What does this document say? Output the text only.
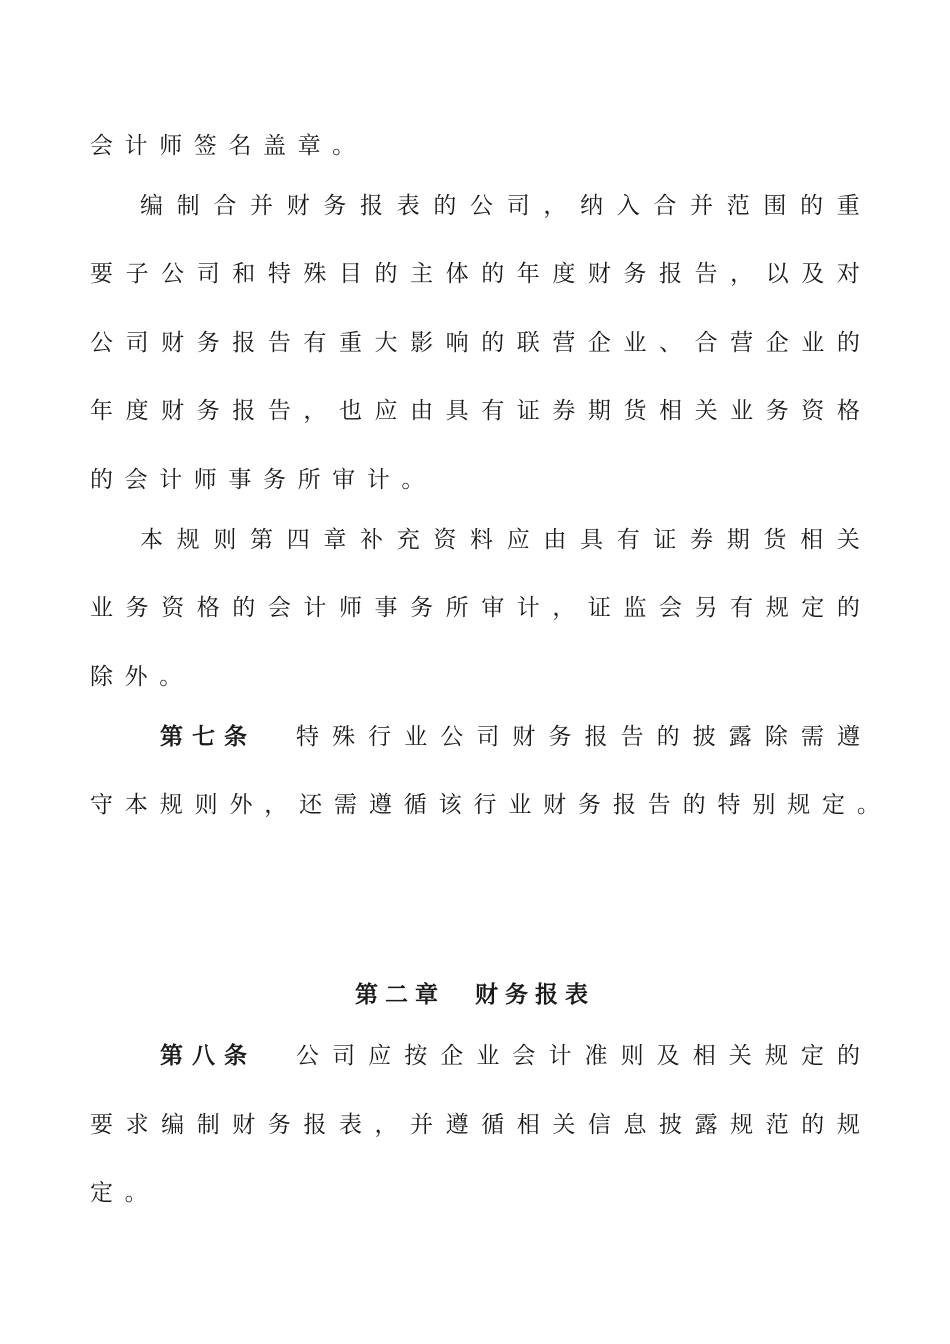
会 计 师 签 名 盖 章 。
编 制 合 并 财 务 报 表 的 公 司 ， 纳 入 合 并 范 围 的 重
要 子 公 司 和 特 殊 目 的 主 体 的 年 度 财 务 报 告 ， 以 及 对
公 司 财 务 报 告 有 重 大 影 响 的 联 营 企 业 、 合 营 企 业 的
年 度 财 务 报 告 ， 也 应 由 具 有 证 券 期 货 相 关 业 务 资 格
的 会 计 师 事 务 所 审 计 。
本 规 则 第 四 章 补 充 资 料 应 由 具 有 证 券 期 货 相 关
业 务 资 格 的 会 计 师 事 务 所 审 计 ， 证 监 会 另 有 规 定 的
除 外 。
第七条 特 殊 行 业 公 司 财 务 报 告 的 披 露 除 需 遵
守 本 规 则 外 ， 还 需 遵 循 该 行 业 财 务 报 告 的 特 别 规 定 。
第二章 财务报表
第八条 公 司 应 按 企 业 会 计 准 则 及 相 关 规 定 的
要 求 编 制 财 务 报 表 ， 并 遵 循 相 关 信 息 披 露 规 范 的 规
定 。
